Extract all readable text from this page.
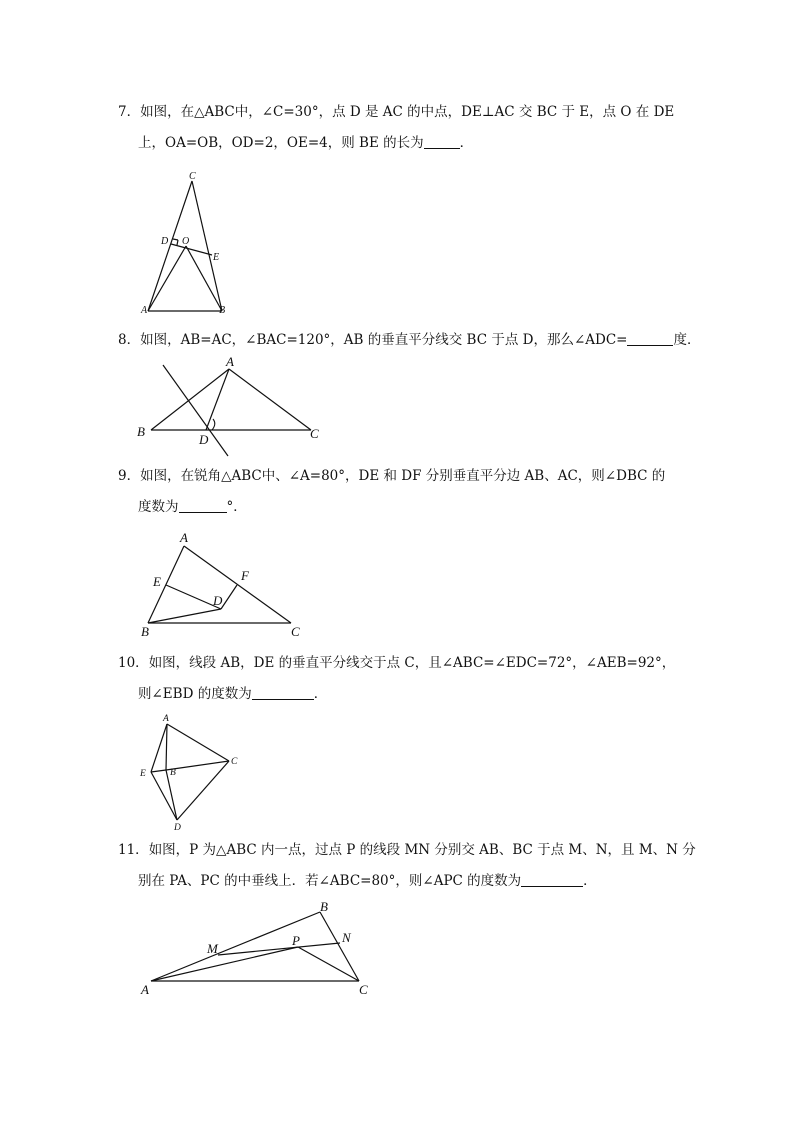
7．如图，在△ABC中，∠C=30°，点 D 是 AC 的中点，DE⊥AC 交 BC 于 E，点 O 在 DE
上，OA=OB，OD=2，OE=4，则 BE 的长为	．
C
D O
E
A	B
8．如图，AB=AC，∠BAC=120°，AB 的垂直平分线交 BC 于点 D，那么∠ADC=	度．
A
B
D	C
9．如图，在锐角△ABC中、∠A=80°，DE 和 DF 分别垂直平分边 AB、AC，则∠DBC 的
度数为	°．
A
E	F
D
B	C
10．如图，线段 AB，DE 的垂直平分线交于点 C，且∠ABC=∠EDC=72°，∠AEB=92°，
则∠EBD 的度数为	．
A
E	B
C
D
11．如图，P 为△ABC 内一点，过点 P 的线段 MN 分别交 AB、BC 于点 M、N，且 M、N 分
别在 PA、PC 的中垂线上．若∠ABC=80°，则∠APC 的度数为	．
B
M
P	N
A	C
